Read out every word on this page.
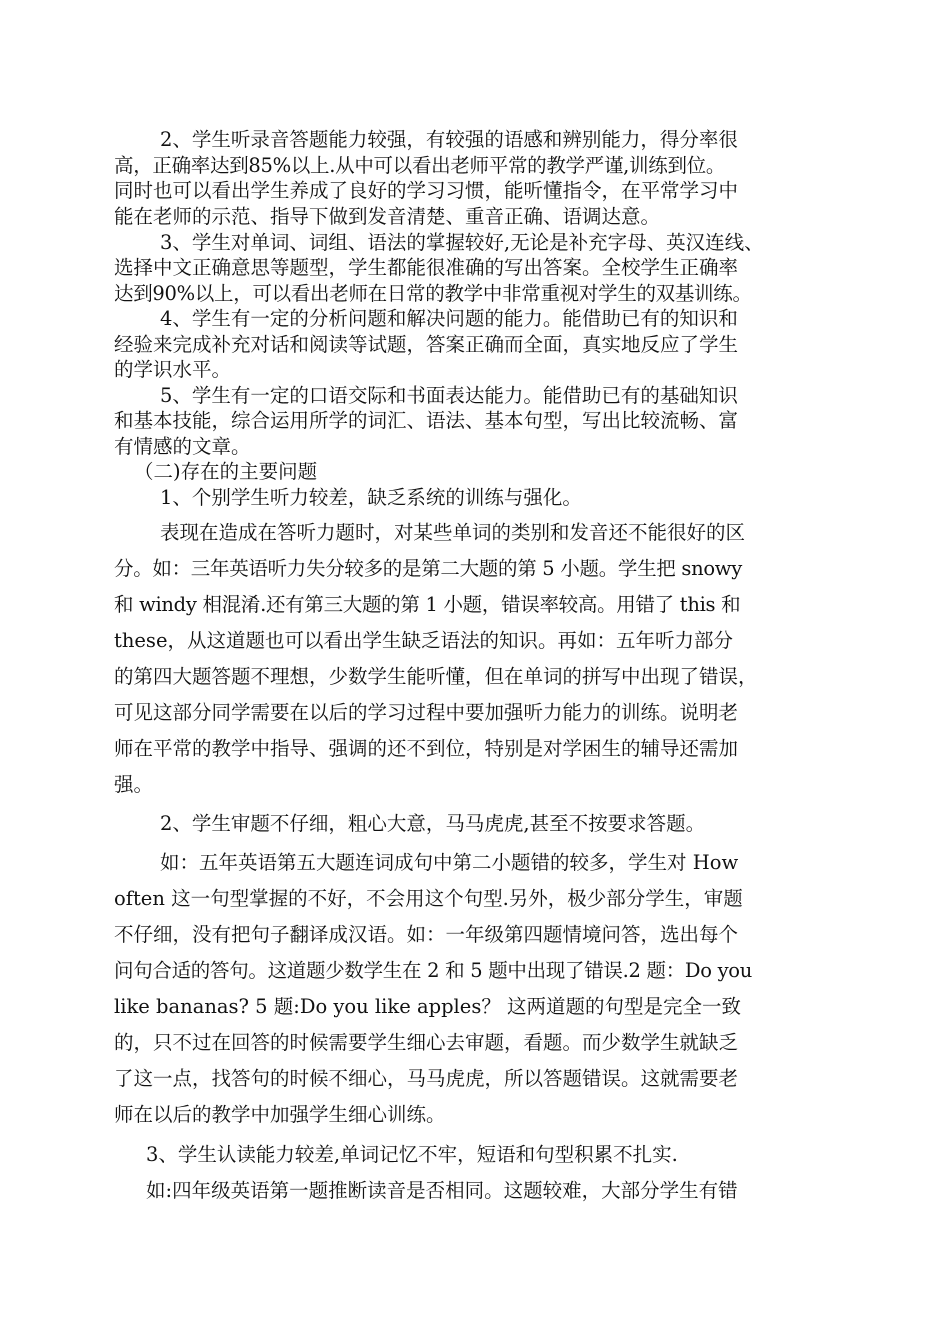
2、学生听录音答题能力较强，有较强的语感和辨别能力，得分率很
高，正确率达到85%以上.从中可以看出老师平常的教学严谨,训练到位。
同时也可以看出学生养成了良好的学习习惯，能听懂指令，在平常学习中
能在老师的示范、指导下做到发音清楚、重音正确、语调达意。
3、学生对单词、词组、语法的掌握较好,无论是补充字母、英汉连线、
选择中文正确意思等题型，学生都能很准确的写出答案。全校学生正确率
达到90%以上，可以看出老师在日常的教学中非常重视对学生的双基训练。
4、学生有一定的分析问题和解决问题的能力。能借助已有的知识和
经验来完成补充对话和阅读等试题，答案正确而全面，真实地反应了学生
的学识水平。
5、学生有一定的口语交际和书面表达能力。能借助已有的基础知识
和基本技能，综合运用所学的词汇、语法、基本句型，写出比较流畅、富
有情感的文章。
（二)存在的主要问题
1、个别学生听力较差，缺乏系统的训练与强化。
表现在造成在答听力题时，对某些单词的类别和发音还不能很好的区
分。如：三年英语听力失分较多的是第二大题的第 5 小题。学生把 snowy
和 windy 相混淆.还有第三大题的第 1 小题，错误率较高。用错了 this 和
these，从这道题也可以看出学生缺乏语法的知识。再如：五年听力部分
的第四大题答题不理想，少数学生能听懂，但在单词的拼写中出现了错误，
可见这部分同学需要在以后的学习过程中要加强听力能力的训练。说明老
师在平常的教学中指导、强调的还不到位，特别是对学困生的辅导还需加
强。
2、学生审题不仔细，粗心大意，马马虎虎,甚至不按要求答题。
如：五年英语第五大题连词成句中第二小题错的较多，学生对 How
often 这一句型掌握的不好，不会用这个句型.另外，极少部分学生，审题
不仔细，没有把句子翻译成汉语。如：一年级第四题情境问答，选出每个
问句合适的答句。这道题少数学生在 2 和 5 题中出现了错误.2 题：Do you
like bananas? 5 题:Do you like apples？ 这两道题的句型是完全一致
的，只不过在回答的时候需要学生细心去审题，看题。而少数学生就缺乏
了这一点，找答句的时候不细心，马马虎虎，所以答题错误。这就需要老
师在以后的教学中加强学生细心训练。
3、学生认读能力较差,单词记忆不牢，短语和句型积累不扎实.
如:四年级英语第一题推断读音是否相同。这题较难，大部分学生有错
